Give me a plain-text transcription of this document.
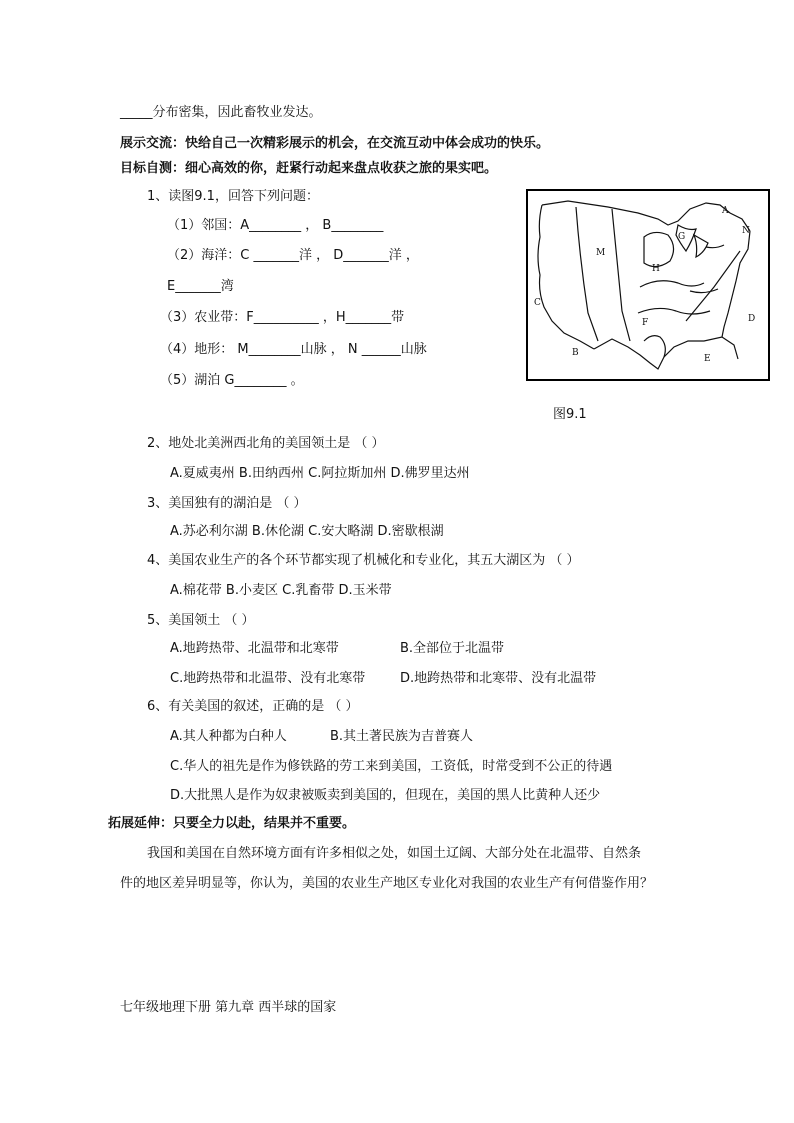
_____分布密集，因此畜牧业发达。
展示交流：快给自己一次精彩展示的机会，在交流互动中体会成功的快乐。
目标自测：细心高效的你，赶紧行动起来盘点收获之旅的果实吧。
1、读图9.1，回答下列问题：
（1）邻国：A________ ， B________
（2）海洋：C _______洋 ， D_______洋 ，
E_______湾
（3）农业带：F__________ ，H_______带
（4）地形： M________山脉 ， N ______山脉
（5）湖泊 G________ 。
A
N
G
M
H
C
F	D
B
E
图9.1
2、地处北美洲西北角的美国领土是 （ ）
A.夏威夷州 B.田纳西州 C.阿拉斯加州 D.佛罗里达州
3、美国独有的湖泊是 （ ）
A.苏必利尔湖 B.休伦湖 C.安大略湖 D.密歇根湖
4、美国农业生产的各个环节都实现了机械化和专业化，其五大湖区为 （ ）
A.棉花带 B.小麦区 C.乳畜带 D.玉米带
5、美国领土 （ ）
A.地跨热带、北温带和北寒带	B.全部位于北温带
C.地跨热带和北温带、没有北寒带	D.地跨热带和北寒带、没有北温带
6、有关美国的叙述，正确的是 （ ）
A.其人种都为白种人	B.其土著民族为吉普赛人
C.华人的祖先是作为修铁路的劳工来到美国，工资低，时常受到不公正的待遇
D.大批黑人是作为奴隶被贩卖到美国的，但现在，美国的黑人比黄种人还少
拓展延伸：只要全力以赴，结果并不重要。
我国和美国在自然环境方面有许多相似之处，如国土辽阔、大部分处在北温带、自然条
件的地区差异明显等，你认为，美国的农业生产地区专业化对我国的农业生产有何借鉴作用？
七年级地理下册 第九章 西半球的国家
